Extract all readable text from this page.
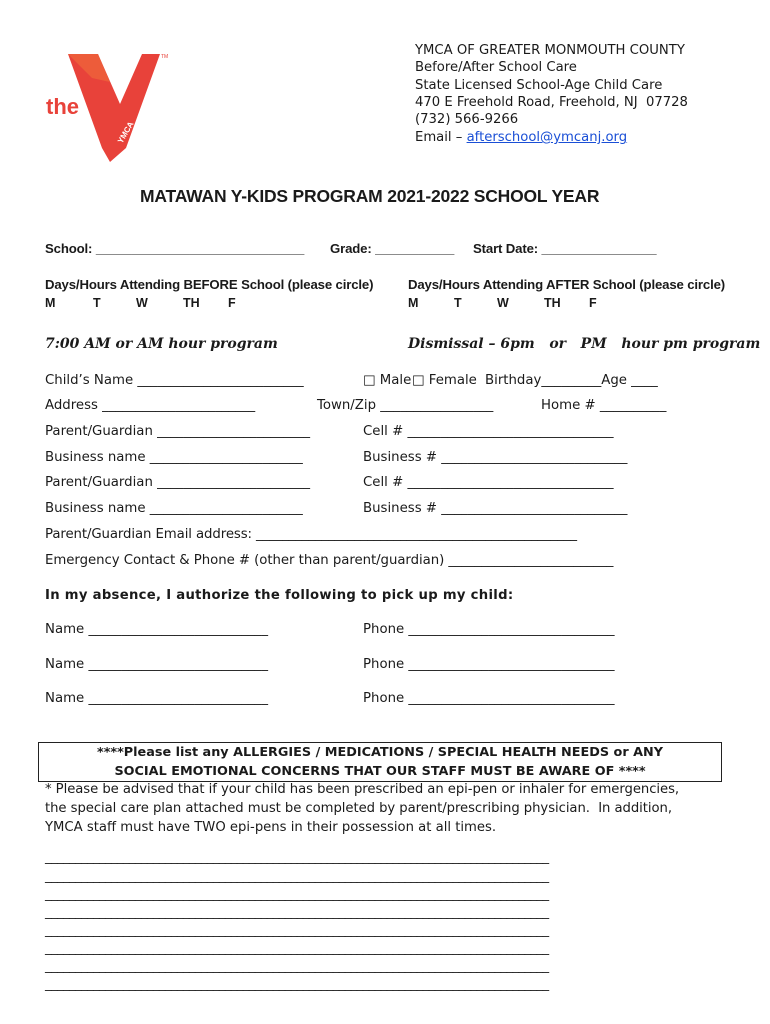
the
YMCA
TM	YMCA OF GREATER MONMOUTH COUNTY
Before/After School Care
State Licensed School-Age Child Care
470 E Freehold Road, Freehold, NJ  07728
(732) 566-9266
Email – afterschool@ymcanj.org
MATAWAN Y-KIDS PROGRAM 2021-2022 SCHOOL YEAR
School: _____________________________ Grade: ___________ Start Date: ________________
Days/Hours Attending BEFORE School (please circle)	Days/Hours Attending AFTER School (please circle)
M	T	W	TH F	M	T	W	TH F
7:00 AM or AM hour program	Dismissal – 6pm   or   PM   hour pm program
Child’s Name _________________________	□ Male □ Female Birthday_________Age ____
Address _______________________	Town/Zip _________________	Home # __________
Parent/Guardian _______________________	Cell # _______________________________
Business name _______________________	Business # ____________________________
Parent/Guardian _______________________	Cell # _______________________________
Business name _______________________	Business # ____________________________
Parent/Guardian Email address: _________________________________________________
Emergency Contact & Phone # (other than parent/guardian) _________________________
In my absence, I authorize the following to pick up my child:
Name ___________________________	Phone _______________________________
Name ___________________________	Phone _______________________________
Name ___________________________	Phone _______________________________
****Please list any ALLERGIES / MEDICATIONS / SPECIAL HEALTH NEEDS or ANY
SOCIAL EMOTIONAL CONCERNS THAT OUR STAFF MUST BE AWARE OF ****
* Please be advised that if your child has been prescribed an epi-pen or inhaler for emergencies,
the special care plan attached must be completed by parent/prescribing physician.  In addition,
YMCA staff must have TWO epi-pens in their possession at all times.
____________________________________________________________________________________
____________________________________________________________________________________
____________________________________________________________________________________
____________________________________________________________________________________
____________________________________________________________________________________
____________________________________________________________________________________
____________________________________________________________________________________
____________________________________________________________________________________
